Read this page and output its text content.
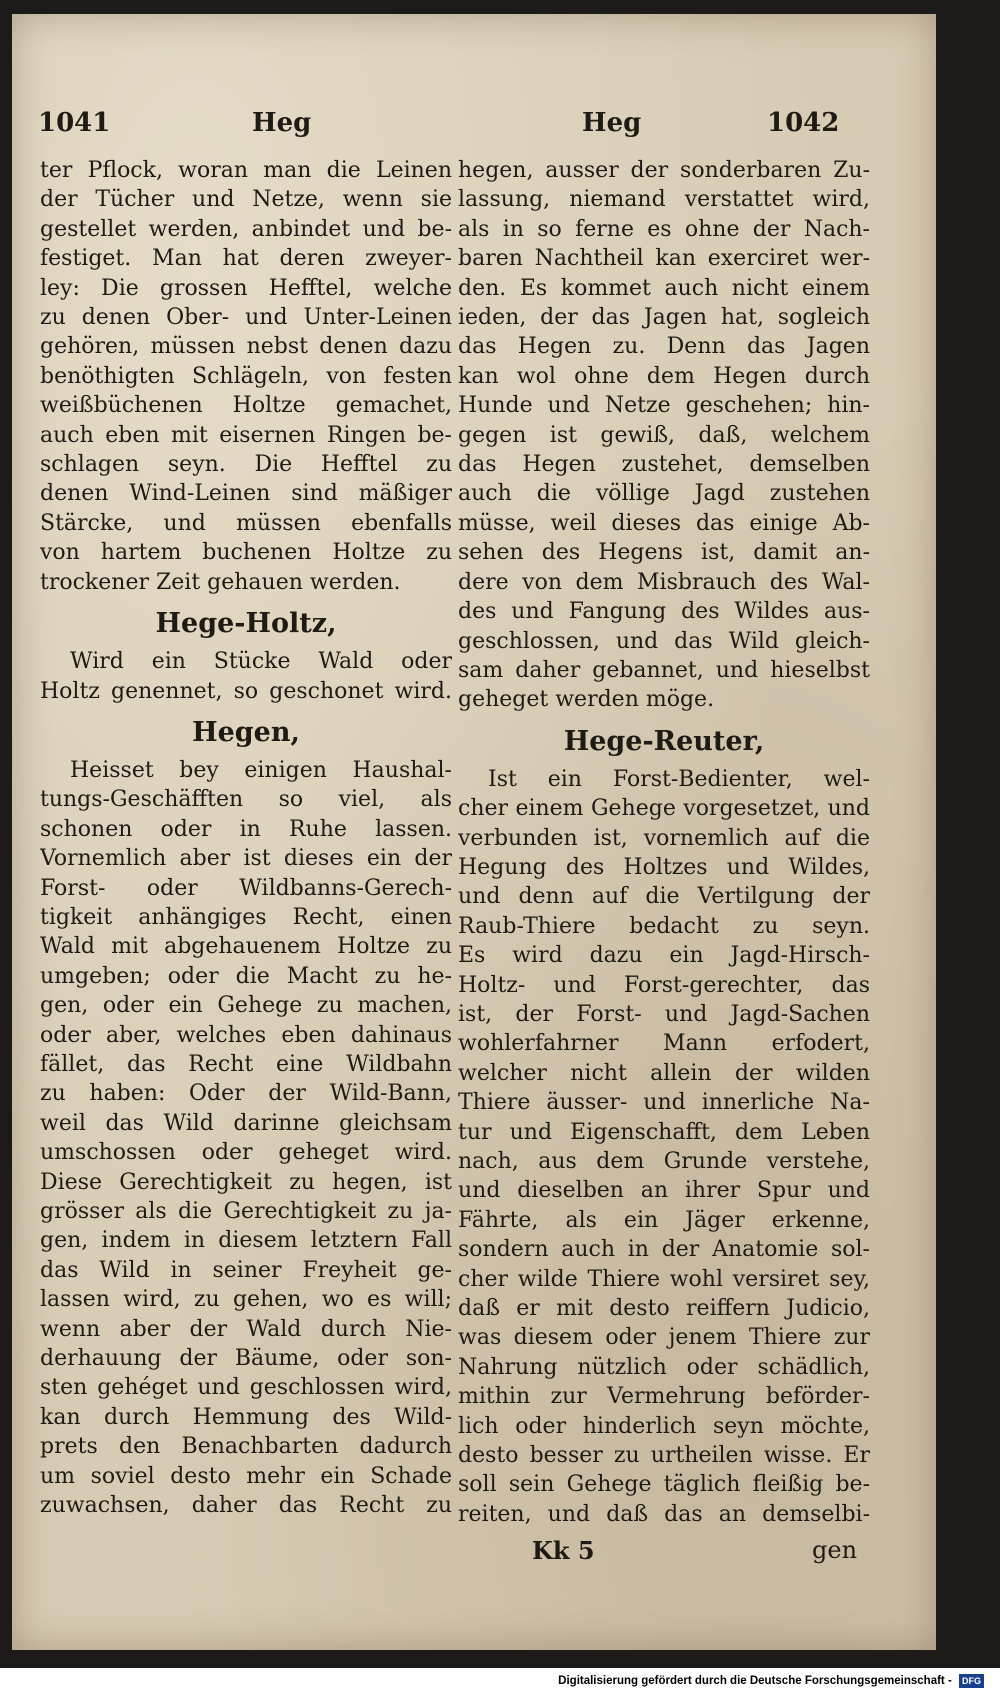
1041	Heg	Heg	1042
ter Pflock, woran man die Leinen
der Tücher und Netze, wenn sie
gestellet werden, anbindet und be-
festiget. Man hat deren zweyer-
ley: Die grossen Hefftel, welche
zu denen Ober- und Unter-Leinen
gehören, müssen nebst denen dazu
benöthigten Schlägeln, von festen
weißbüchenen Holtze gemachet,
auch eben mit eisernen Ringen be-
schlagen seyn. Die Hefftel zu
denen Wind-Leinen sind mäßiger
Stärcke, und müssen ebenfalls
von hartem buchenen Holtze zu
trockener Zeit gehauen werden.
Hege-Holtz,
Wird ein Stücke Wald oder
Holtz genennet, so geschonet wird.
Hegen,
Heisset bey einigen Haushal-
tungs-Geschäfften so viel, als
schonen oder in Ruhe lassen.
Vornemlich aber ist dieses ein der
Forst- oder Wildbanns-Gerech-
tigkeit anhängiges Recht, einen
Wald mit abgehauenem Holtze zu
umgeben; oder die Macht zu he-
gen, oder ein Gehege zu machen,
oder aber, welches eben dahinaus
fället, das Recht eine Wildbahn
zu haben: Oder der Wild-Bann,
weil das Wild darinne gleichsam
umschossen oder geheget wird.
Diese Gerechtigkeit zu hegen, ist
grösser als die Gerechtigkeit zu ja-
gen, indem in diesem letztern Fall
das Wild in seiner Freyheit ge-
lassen wird, zu gehen, wo es will;
wenn aber der Wald durch Nie-
derhauung der Bäume, oder son-
sten gehéget und geschlossen wird,
kan durch Hemmung des Wild-
prets den Benachbarten dadurch
um soviel desto mehr ein Schade
zuwachsen, daher das Recht zu
hegen, ausser der sonderbaren Zu-
lassung, niemand verstattet wird,
als in so ferne es ohne der Nach-
baren Nachtheil kan exerciret wer-
den. Es kommet auch nicht einem
ieden, der das Jagen hat, sogleich
das Hegen zu. Denn das Jagen
kan wol ohne dem Hegen durch
Hunde und Netze geschehen; hin-
gegen ist gewiß, daß, welchem
das Hegen zustehet, demselben
auch die völlige Jagd zustehen
müsse, weil dieses das einige Ab-
sehen des Hegens ist, damit an-
dere von dem Misbrauch des Wal-
des und Fangung des Wildes aus-
geschlossen, und das Wild gleich-
sam daher gebannet, und hieselbst
geheget werden möge.
Hege-Reuter,
Ist ein Forst-Bedienter, wel-
cher einem Gehege vorgesetzet, und
verbunden ist, vornemlich auf die
Hegung des Holtzes und Wildes,
und denn auf die Vertilgung der
Raub-Thiere bedacht zu seyn.
Es wird dazu ein Jagd-Hirsch-
Holtz- und Forst-gerechter, das
ist, der Forst- und Jagd-Sachen
wohlerfahrner Mann erfodert,
welcher nicht allein der wilden
Thiere äusser- und innerliche Na-
tur und Eigenschafft, dem Leben
nach, aus dem Grunde verstehe,
und dieselben an ihrer Spur und
Fährte, als ein Jäger erkenne,
sondern auch in der Anatomie sol-
cher wilde Thiere wohl versiret sey,
daß er mit desto reiffern Judicio,
was diesem oder jenem Thiere zur
Nahrung nützlich oder schädlich,
mithin zur Vermehrung beförder-
lich oder hinderlich seyn möchte,
desto besser zu urtheilen wisse. Er
soll sein Gehege täglich fleißig be-
reiten, und daß das an demselbi-
Kk 5	gen
Digitalisierung gefördert durch die Deutsche Forschungsgemeinschaft - DFG
